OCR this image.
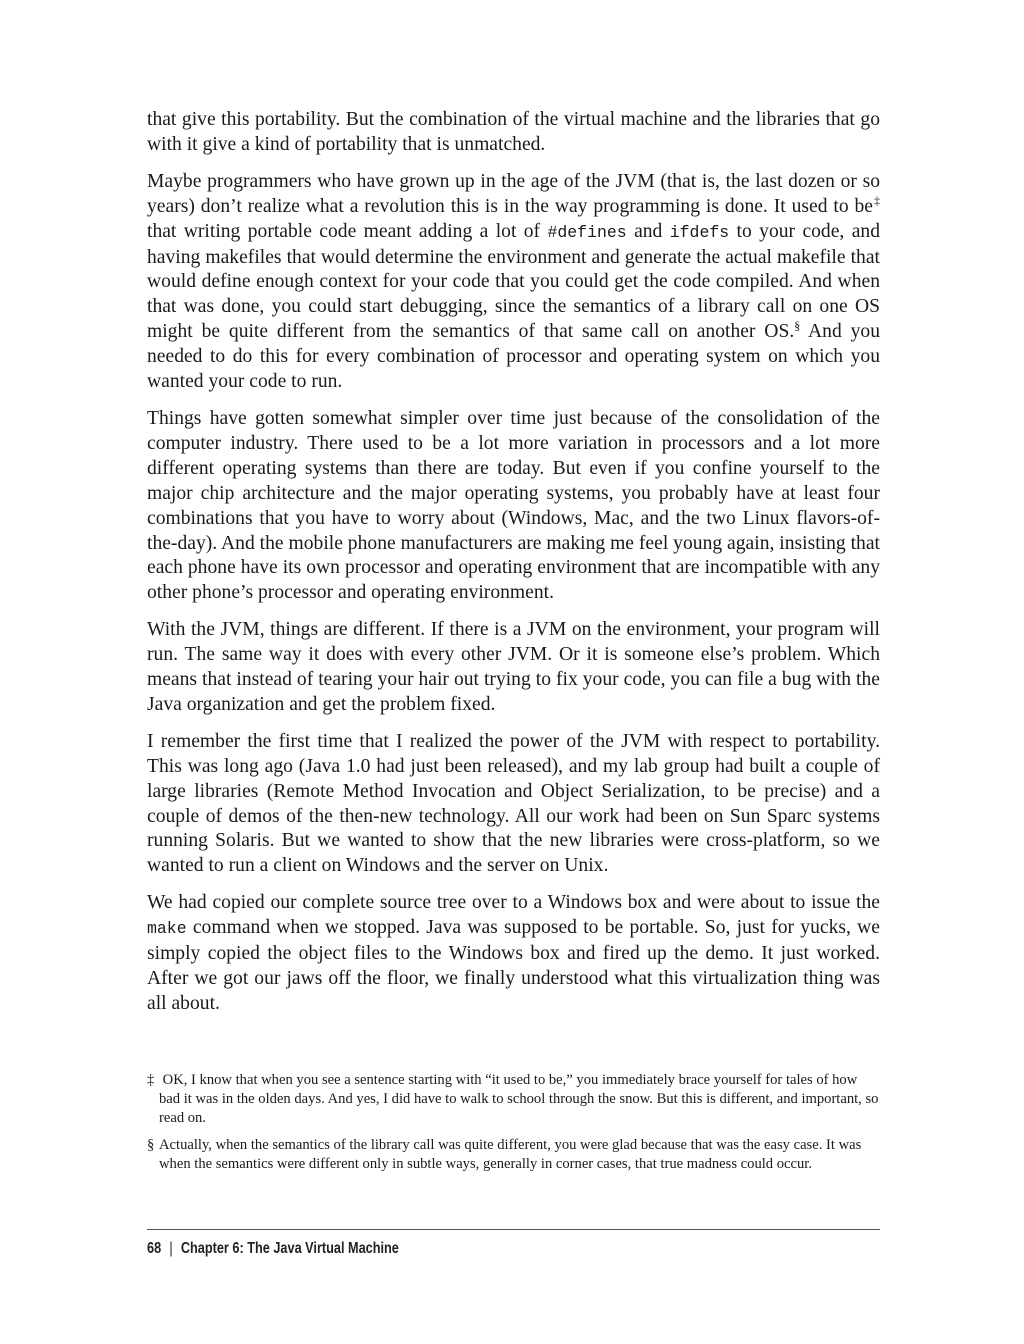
that give this portability. But the combination of the virtual machine and the libraries that go with it give a kind of portability that is unmatched.

Maybe programmers who have grown up in the age of the JVM (that is, the last dozen or so years) don’t realize what a revolution this is in the way programming is done. It used to be‡ that writing portable code meant adding a lot of #defines and ifdefs to your code, and having makefiles that would determine the environment and generate the actual makefile that would define enough context for your code that you could get the code compiled. And when that was done, you could start debugging, since the semantics of a library call on one OS might be quite different from the semantics of that same call on another OS.§ And you needed to do this for every combination of processor and operating system on which you wanted your code to run.

Things have gotten somewhat simpler over time just because of the consolidation of the computer industry. There used to be a lot more variation in processors and a lot more different operating systems than there are today. But even if you confine yourself to the major chip architecture and the major operating systems, you probably have at least four combinations that you have to worry about (Windows, Mac, and the two Linux flavors-of-the-day). And the mobile phone manufacturers are making me feel young again, insisting that each phone have its own processor and operating environment that are incompatible with any other phone’s processor and operating environment.

With the JVM, things are different. If there is a JVM on the environment, your program will run. The same way it does with every other JVM. Or it is someone else’s problem. Which means that instead of tearing your hair out trying to fix your code, you can file a bug with the Java organization and get the problem fixed.

I remember the first time that I realized the power of the JVM with respect to portability. This was long ago (Java 1.0 had just been released), and my lab group had built a couple of large libraries (Remote Method Invocation and Object Serialization, to be precise) and a couple of demos of the then-new technology. All our work had been on Sun Sparc systems running Solaris. But we wanted to show that the new libraries were cross-platform, so we wanted to run a client on Windows and the server on Unix.

We had copied our complete source tree over to a Windows box and were about to issue the make command when we stopped. Java was supposed to be portable. So, just for yucks, we simply copied the object files to the Windows box and fired up the demo. It just worked. After we got our jaws off the floor, we finally understood what this virtualization thing was all about.

‡ OK, I know that when you see a sentence starting with “it used to be,” you immediately brace yourself for tales of how bad it was in the olden days. And yes, I did have to walk to school through the snow. But this is different, and important, so read on.

§ Actually, when the semantics of the library call was quite different, you were glad because that was the easy case. It was when the semantics were different only in subtle ways, generally in corner cases, that true madness could occur.

68 | Chapter 6: The Java Virtual Machine
